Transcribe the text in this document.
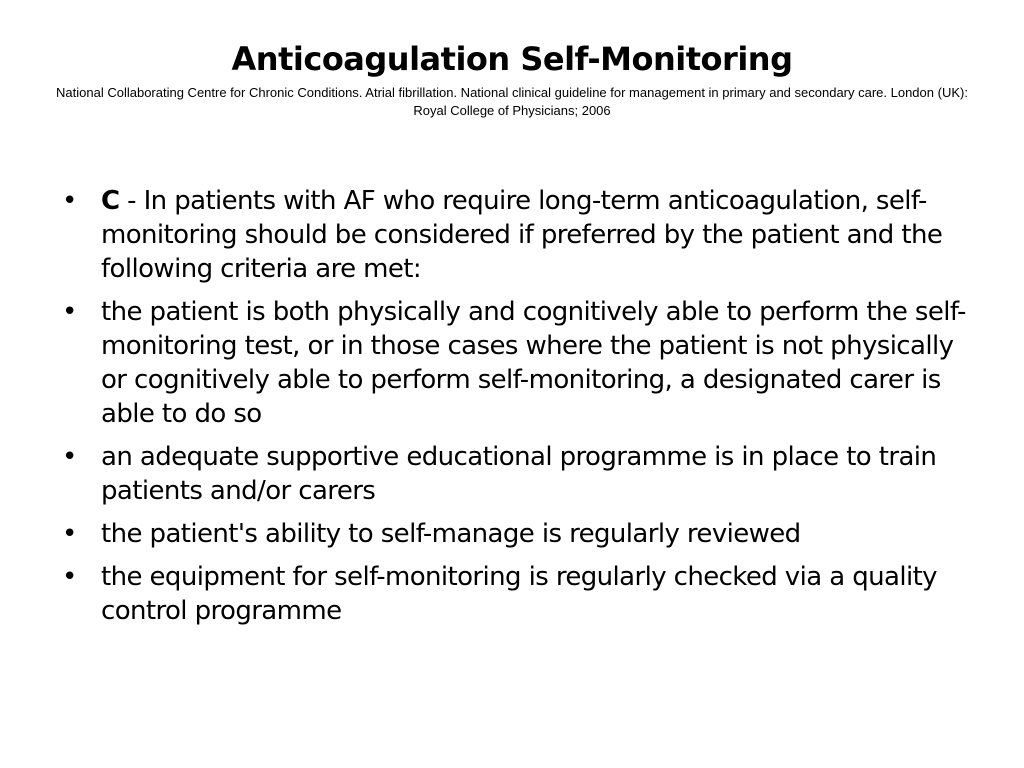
Anticoagulation Self-Monitoring

National Collaborating Centre for Chronic Conditions. Atrial fibrillation. National clinical guideline for management in primary and secondary care. London (UK): Royal College of Physicians; 2006

• C - In patients with AF who require long-term anticoagulation, self-monitoring should be considered if preferred by the patient and the following criteria are met:
• the patient is both physically and cognitively able to perform the self-monitoring test, or in those cases where the patient is not physically or cognitively able to perform self-monitoring, a designated carer is able to do so
• an adequate supportive educational programme is in place to train patients and/or carers
• the patient's ability to self-manage is regularly reviewed
• the equipment for self-monitoring is regularly checked via a quality control programme
